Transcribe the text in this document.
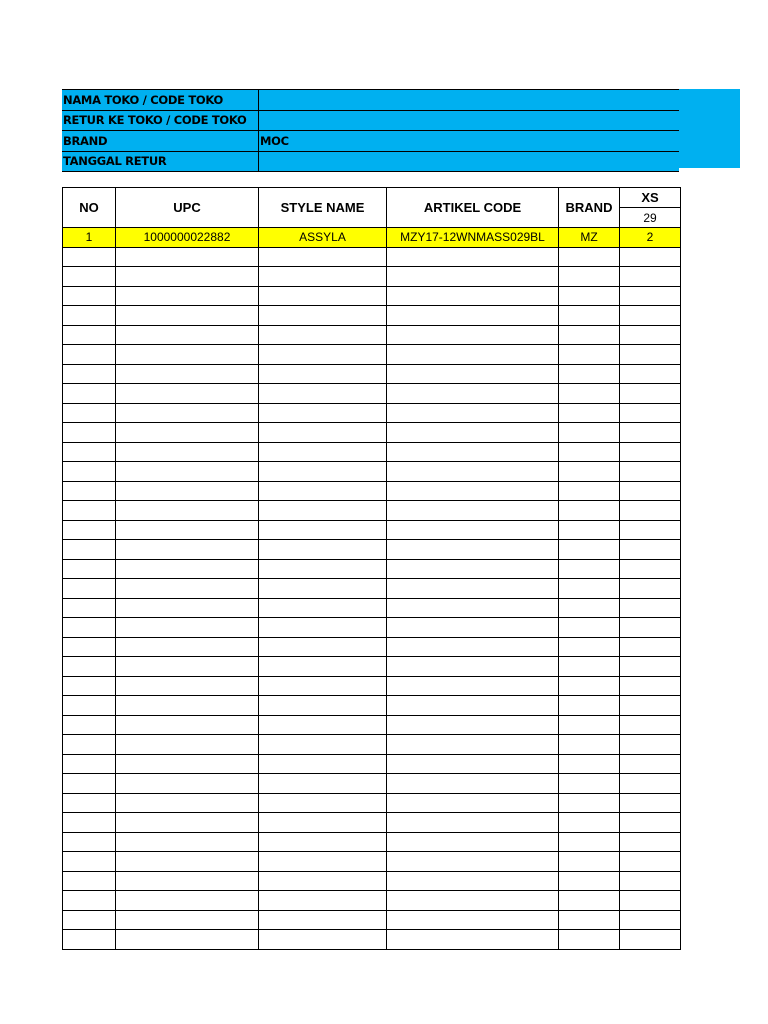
NAMA TOKO / CODE TOKO	
RETUR KE TOKO / CODE TOKO	
BRAND	MOC
TANGGAL RETUR	
NO	UPC	STYLE NAME	ARTIKEL CODE	BRAND	XS
					29
1	1000000022882	ASSYLA	MZY17-12WNMASS029BL	MZ	2
